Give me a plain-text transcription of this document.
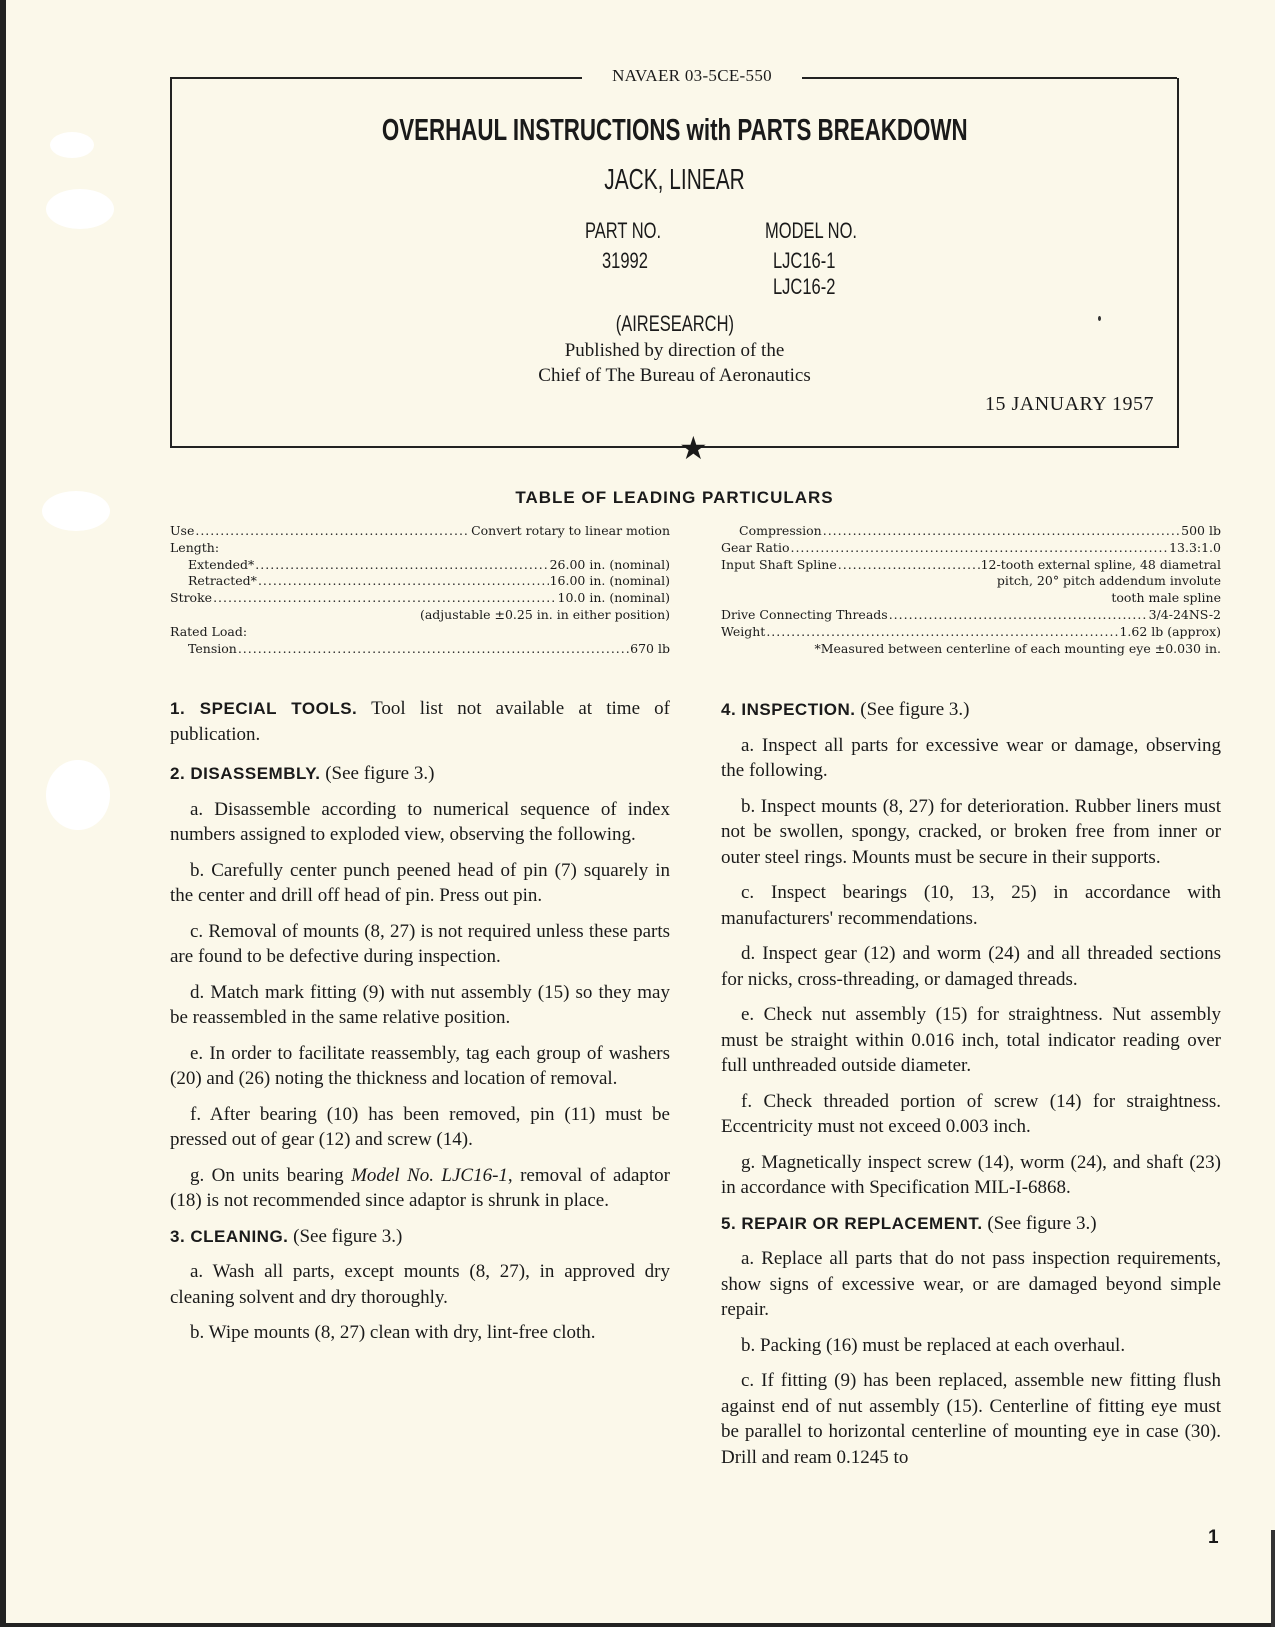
NAVAER 03-5CE-550
OVERHAUL INSTRUCTIONS with PARTS BREAKDOWN
JACK, LINEAR
PART NO.
31992
MODEL NO.
LJC16-1
LJC16-2
(AIRESEARCH)
Published by direction of the
Chief of The Bureau of Aeronautics
15 JANUARY 1957
★
TABLE OF LEADING PARTICULARS
Use .....	Convert rotary to linear motion
Length:
Extended* .....	26.00 in. (nominal)
Retracted* .....	16.00 in. (nominal)
Stroke .....	10.0 in. (nominal)
(adjustable ±0.25 in. in either position)
Rated Load:
Tension .....	670 lb
Compression .....	500 lb
Gear Ratio .....	13.3:1.0
Input Shaft Spline .....	12-tooth external spline, 48 diametral
pitch, 20° pitch addendum involute
tooth male spline
Drive Connecting Threads .....	3/4-24NS-2
Weight .....	1.62 lb (approx)
*Measured between centerline of each mounting eye ±0.030 in.

1. SPECIAL TOOLS. Tool list not available at time of publication.

2. DISASSEMBLY. (See figure 3.)

a. Disassemble according to numerical sequence of index numbers assigned to exploded view, observing the following.

b. Carefully center punch peened head of pin (7) squarely in the center and drill off head of pin. Press out pin.

c. Removal of mounts (8, 27) is not required unless these parts are found to be defective during inspection.

d. Match mark fitting (9) with nut assembly (15) so they may be reassembled in the same relative position.

e. In order to facilitate reassembly, tag each group of washers (20) and (26) noting the thickness and location of removal.

f. After bearing (10) has been removed, pin (11) must be pressed out of gear (12) and screw (14).

g. On units bearing Model No. LJC16-1, removal of adaptor (18) is not recommended since adaptor is shrunk in place.

3. CLEANING. (See figure 3.)

a. Wash all parts, except mounts (8, 27), in approved dry cleaning solvent and dry thoroughly.

b. Wipe mounts (8, 27) clean with dry, lint-free cloth.

4. INSPECTION. (See figure 3.)

a. Inspect all parts for excessive wear or damage, observing the following.

b. Inspect mounts (8, 27) for deterioration. Rubber liners must not be swollen, spongy, cracked, or broken free from inner or outer steel rings. Mounts must be secure in their supports.

c. Inspect bearings (10, 13, 25) in accordance with manufacturers' recommendations.

d. Inspect gear (12) and worm (24) and all threaded sections for nicks, cross-threading, or damaged threads.

e. Check nut assembly (15) for straightness. Nut assembly must be straight within 0.016 inch, total indicator reading over full unthreaded outside diameter.

f. Check threaded portion of screw (14) for straightness. Eccentricity must not exceed 0.003 inch.

g. Magnetically inspect screw (14), worm (24), and shaft (23) in accordance with Specification MIL-I-6868.

5. REPAIR OR REPLACEMENT. (See figure 3.)

a. Replace all parts that do not pass inspection requirements, show signs of excessive wear, or are damaged beyond simple repair.

b. Packing (16) must be replaced at each overhaul.

c. If fitting (9) has been replaced, assemble new fitting flush against end of nut assembly (15). Centerline of fitting eye must be parallel to horizontal centerline of mounting eye in case (30). Drill and ream 0.1245 to

1
